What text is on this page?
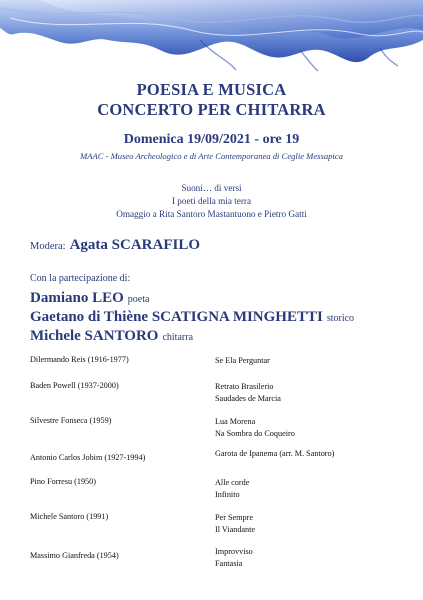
POESIA E MUSICA
CONCERTO PER CHITARRA
Domenica 19/09/2021 - ore 19
MAAC - Museo Archeologico e di Arte Contemporanea di Ceglie Messapica
Suoni… di versi
I poeti della mia terra
Omaggio a Rita Santoro Mastantuono e Pietro Gatti
Modera: Agata SCARAFILO
Con la partecipazione di:
Damiano LEO poeta
Gaetano di Thiène SCATIGNA MINGHETTI storico
Michele SANTORO chitarra
Dilermando Reis (1916-1977)	Se Ela Perguntar
Baden Powell (1937-2000)	Retrato Brasilerio
Saudades de Marcia
Silvestre Fonseca (1959)	Lua Morena
Na Sombra do Coqueiro
Antonio Carlos Jobim (1927-1994)	Garota de Ipanema (arr. M. Santoro)
Pino Forresu (1950)	Alle corde
Infinito
Michele Santoro (1991)	Per Sempre
Il Viandante
Massimo Gianfreda (1954)	Improvviso
Fantasia
